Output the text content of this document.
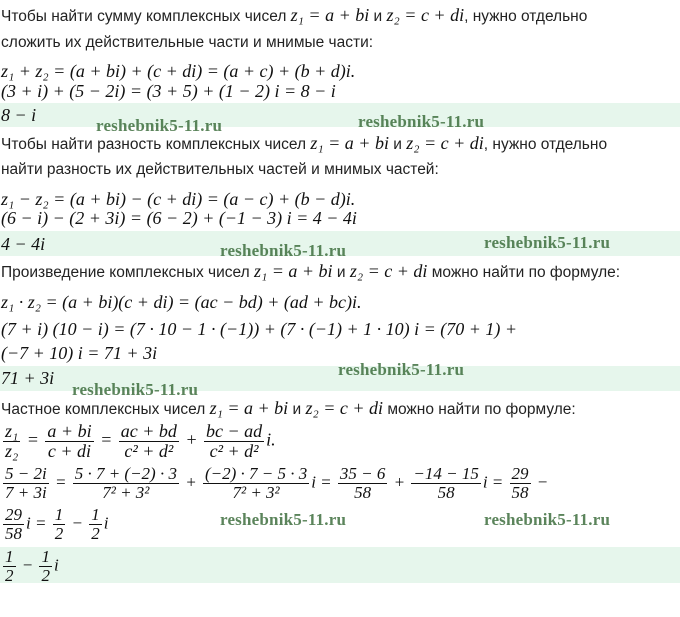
Чтобы найти сумму комплексных чисел z₁ = a + bi и z₂ = c + di, нужно отдельно
сложить их действительные части и мнимые части:
z₁ + z₂ = (a + bi) + (c + di) = (a + c) + (b + d)i.
(3 + i) + (5 − 2i) = (3 + 5) + (1 − 2) i = 8 − i
8 − i
reshebnik5-11.ru	reshebnik5-11.ru
Чтобы найти разность комплексных чисел z₁ = a + bi и z₂ = c + di, нужно отдельно
найти разность их действительных частей и мнимых частей:
z₁ − z₂ = (a + bi) − (c + di) = (a − c) + (b − d)i.
(6 − i) − (2 + 3i) = (6 − 2) + (−1 − 3) i = 4 − 4i
4 − 4i	reshebnik5-11.ru	reshebnik5-11.ru
Произведение комплексных чисел z₁ = a + bi и z₂ = c + di можно найти по формуле:
z₁ · z₂ = (a + bi)(c + di) = (ac − bd) + (ad + bc)i.
(7 + i) (10 − i) = (7 · 10 − 1 · (−1)) + (7 · (−1) + 1 · 10) i = (70 + 1) +
(−7 + 10) i = 71 + 3i
71 + 3i	reshebnik5-11.ru
reshebnik5-11.ru
Частное комплексных чисел z₁ = a + bi и z₂ = c + di можно найти по формуле:
$\frac{\text{z₁}}{\text{z₂}} = \frac{a + bi}{c + di} = \frac{ac + bd}{\text{c² + d²}} + \frac{bc - ad}{\text{c² + d²}} i$.
$\frac{5 - 2i}{7 + 3i} = \frac{5 \cdot 7 + (-2) \cdot 3}{\text{7² + 3²}} + \frac{(-2) \cdot 7 - 5 \cdot 3}{\text{7² + 3²}}$ $i = \frac{35 - 6}{58} + \frac{-14 - 15}{58}$ $i = \frac{29}{58}$ −
$\frac{29}{58}$ $i = \frac{1}{2} - \frac{1}{2}$ i	reshebnik5-11.ru	reshebnik5-11.ru
$\frac{1}{2} - \frac{1}{2}$ i
